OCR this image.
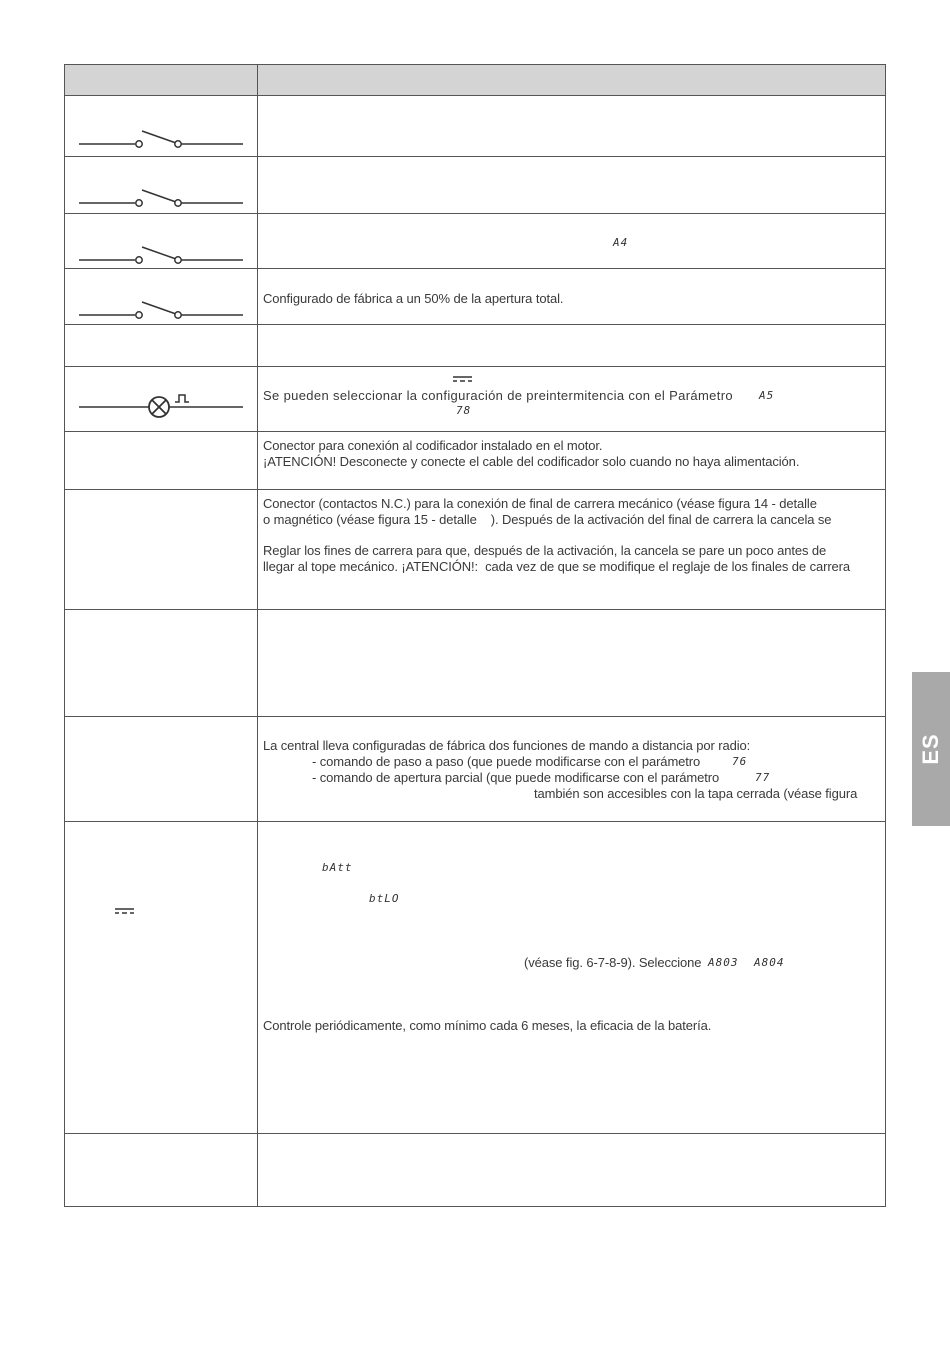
A4
Configurado de fábrica a un 50% de la apertura total.
Se pueden seleccionar la configuración de preintermitencia con el Parámetro A5
78
Conector para conexión al codificador instalado en el motor.
¡ATENCIÓN! Desconecte y conecte el cable del codificador solo cuando no haya alimentación.
Conector (contactos N.C.) para la conexión de final de carrera mecánico (véase figura 14 - detalle
o magnético (véase figura 15 - detalle    ). Después de la activación del final de carrera la cancela se
Reglar los fines de carrera para que, después de la activación, la cancela se pare un poco antes de
llegar al tope mecánico. ¡ATENCIÓN!:  cada vez de que se modifique el reglaje de los finales de carrera
La central lleva configuradas de fábrica dos funciones de mando a distancia por radio:
- comando de paso a paso (que puede modificarse con el parámetro	76
- comando de apertura parcial (que puede modificarse con el parámetro	77
también son accesibles con la tapa cerrada (véase figura
bAtt
btLO
(véase fig. 6-7-8-9). Seleccione A803 A804
Controle periódicamente, como mínimo cada 6 meses, la eficacia de la batería.
ES
